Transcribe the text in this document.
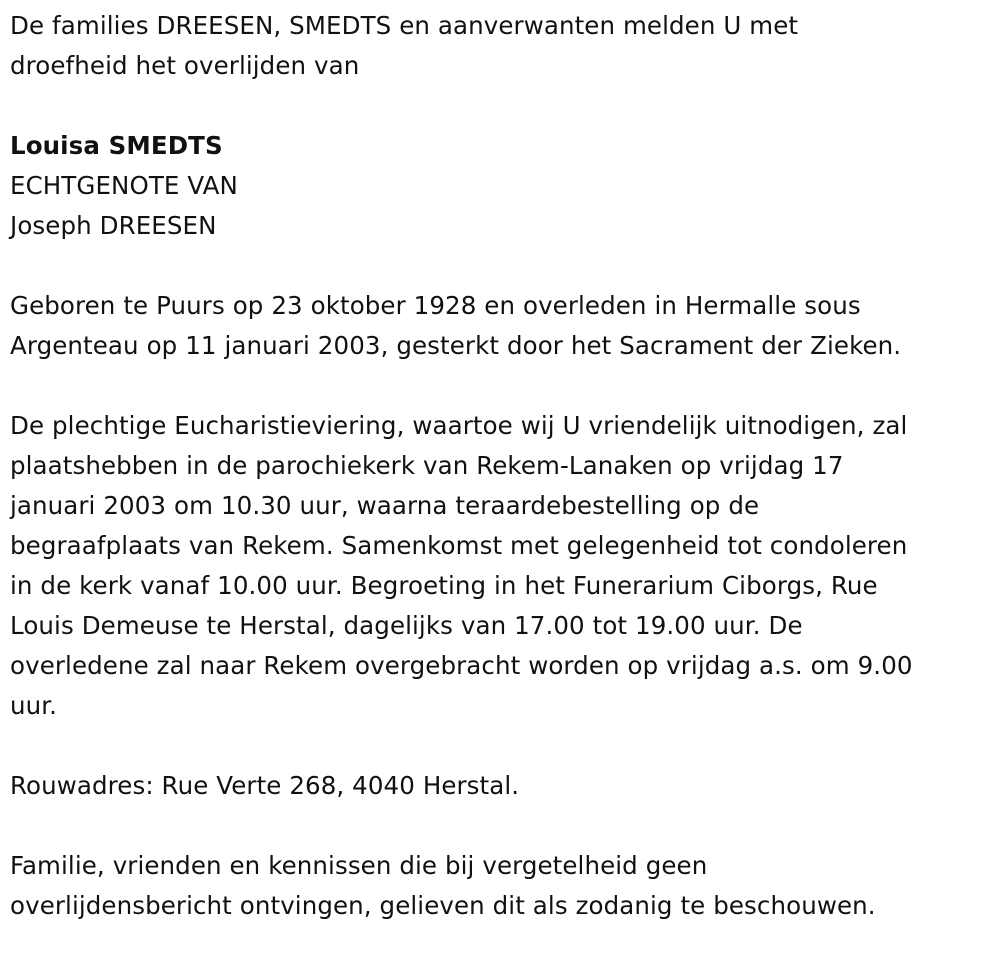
De families DREESEN, SMEDTS en aanverwanten melden U met
droefheid het overlijden van

Louisa SMEDTS
ECHTGENOTE VAN
Joseph DREESEN

Geboren te Puurs op 23 oktober 1928 en overleden in Hermalle sous
Argenteau op 11 januari 2003, gesterkt door het Sacrament der Zieken.

De plechtige Eucharistieviering, waartoe wij U vriendelijk uitnodigen, zal
plaatshebben in de parochiekerk van Rekem-Lanaken op vrijdag 17
januari 2003 om 10.30 uur, waarna teraardebestelling op de
begraafplaats van Rekem. Samenkomst met gelegenheid tot condoleren
in de kerk vanaf 10.00 uur. Begroeting in het Funerarium Ciborgs, Rue
Louis Demeuse te Herstal, dagelijks van 17.00 tot 19.00 uur. De
overledene zal naar Rekem overgebracht worden op vrijdag a.s. om 9.00
uur.

Rouwadres: Rue Verte 268, 4040 Herstal.

Familie, vrienden en kennissen die bij vergetelheid geen
overlijdensbericht ontvingen, gelieven dit als zodanig te beschouwen.
